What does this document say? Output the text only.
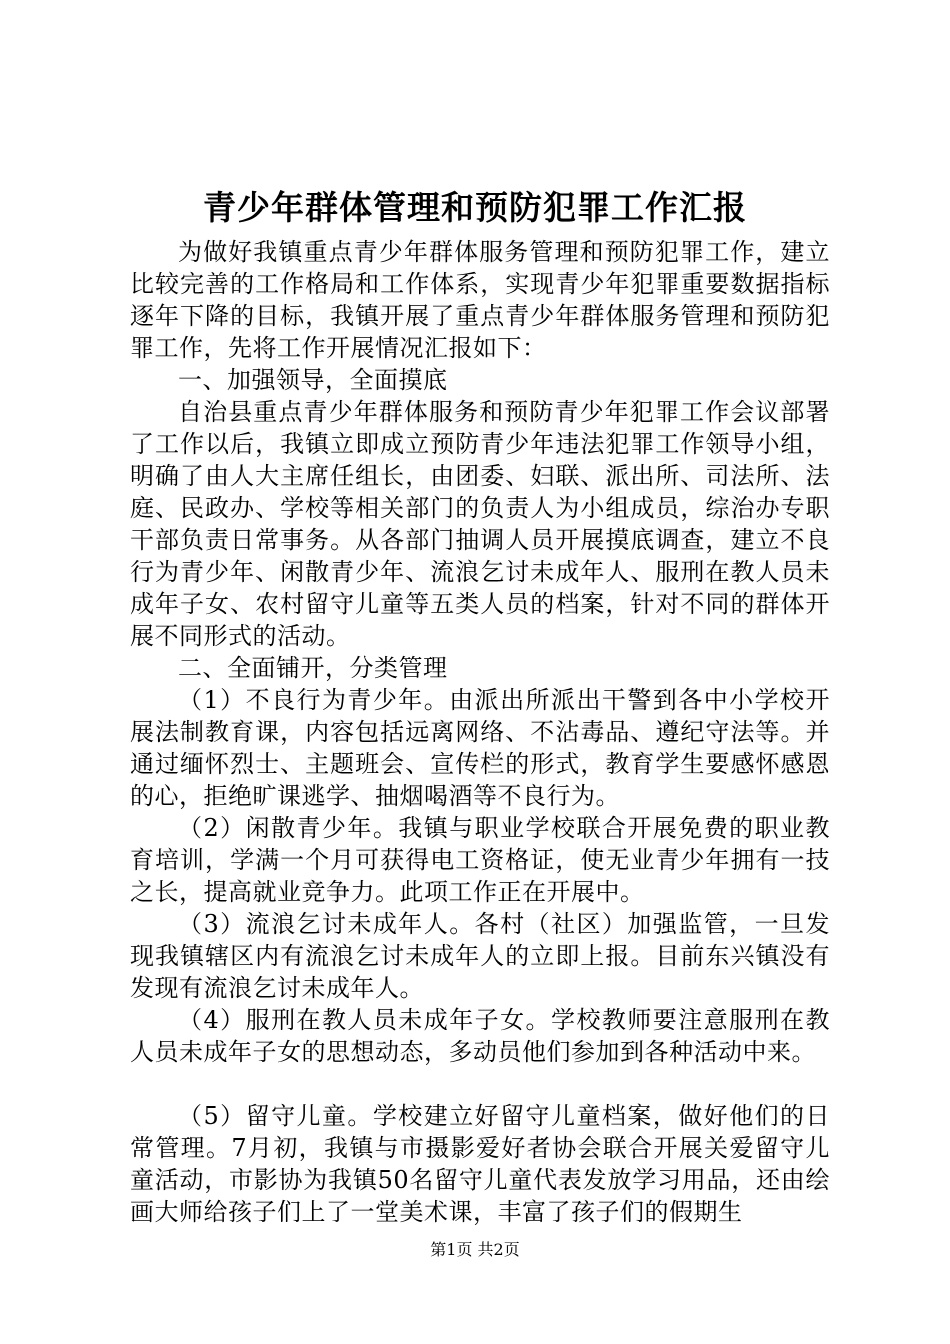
青少年群体管理和预防犯罪工作汇报

为做好我镇重点青少年群体服务管理和预防犯罪工作，建立比较完善的工作格局和工作体系，实现青少年犯罪重要数据指标逐年下降的目标，我镇开展了重点青少年群体服务管理和预防犯罪工作，先将工作开展情况汇报如下：

一、加强领导，全面摸底

自治县重点青少年群体服务和预防青少年犯罪工作会议部署了工作以后，我镇立即成立预防青少年违法犯罪工作领导小组，明确了由人大主席任组长，由团委、妇联、派出所、司法所、法庭、民政办、学校等相关部门的负责人为小组成员，综治办专职干部负责日常事务。从各部门抽调人员开展摸底调查，建立不良行为青少年、闲散青少年、流浪乞讨未成年人、服刑在教人员未成年子女、农村留守儿童等五类人员的档案，针对不同的群体开展不同形式的活动。

二、全面铺开，分类管理

（1）不良行为青少年。由派出所派出干警到各中小学校开展法制教育课，内容包括远离网络、不沾毒品、遵纪守法等。并通过缅怀烈士、主题班会、宣传栏的形式，教育学生要感怀感恩的心，拒绝旷课逃学、抽烟喝酒等不良行为。

（2）闲散青少年。我镇与职业学校联合开展免费的职业教育培训，学满一个月可获得电工资格证，使无业青少年拥有一技之长，提高就业竞争力。此项工作正在开展中。

（3）流浪乞讨未成年人。各村（社区）加强监管，一旦发现我镇辖区内有流浪乞讨未成年人的立即上报。目前东兴镇没有发现有流浪乞讨未成年人。

（4）服刑在教人员未成年子女。学校教师要注意服刑在教人员未成年子女的思想动态，多动员他们参加到各种活动中来。

（5）留守儿童。学校建立好留守儿童档案，做好他们的日常管理。7月初，我镇与市摄影爱好者协会联合开展关爱留守儿童活动，市影协为我镇50名留守儿童代表发放学习用品，还由绘画大师给孩子们上了一堂美术课，丰富了孩子们的假期生

第1页 共2页
